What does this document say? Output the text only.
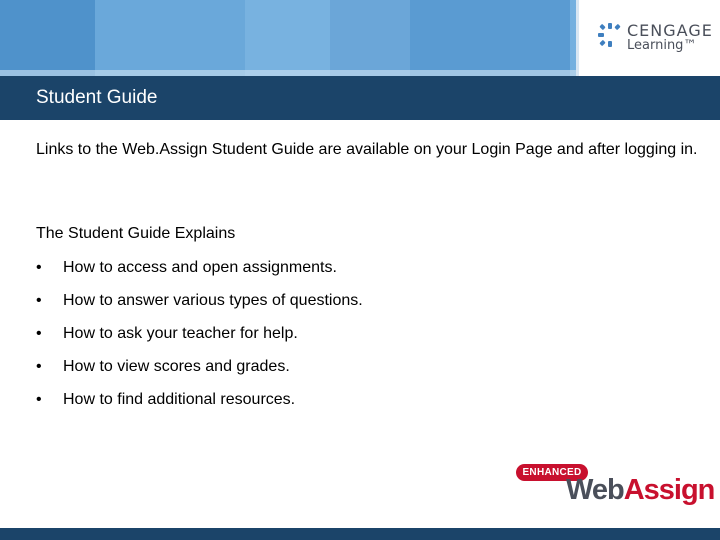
CENGAGE
Learning™
Student Guide
Links to the Web.Assign Student Guide are available on your Login Page and after logging in.
The Student Guide Explains
•	How to access and open assignments.
•	How to answer various types of questions.
•	How to ask your teacher for help.
•	How to view scores and grades.
•	How to find additional resources.
ENHANCED
WebAssign
